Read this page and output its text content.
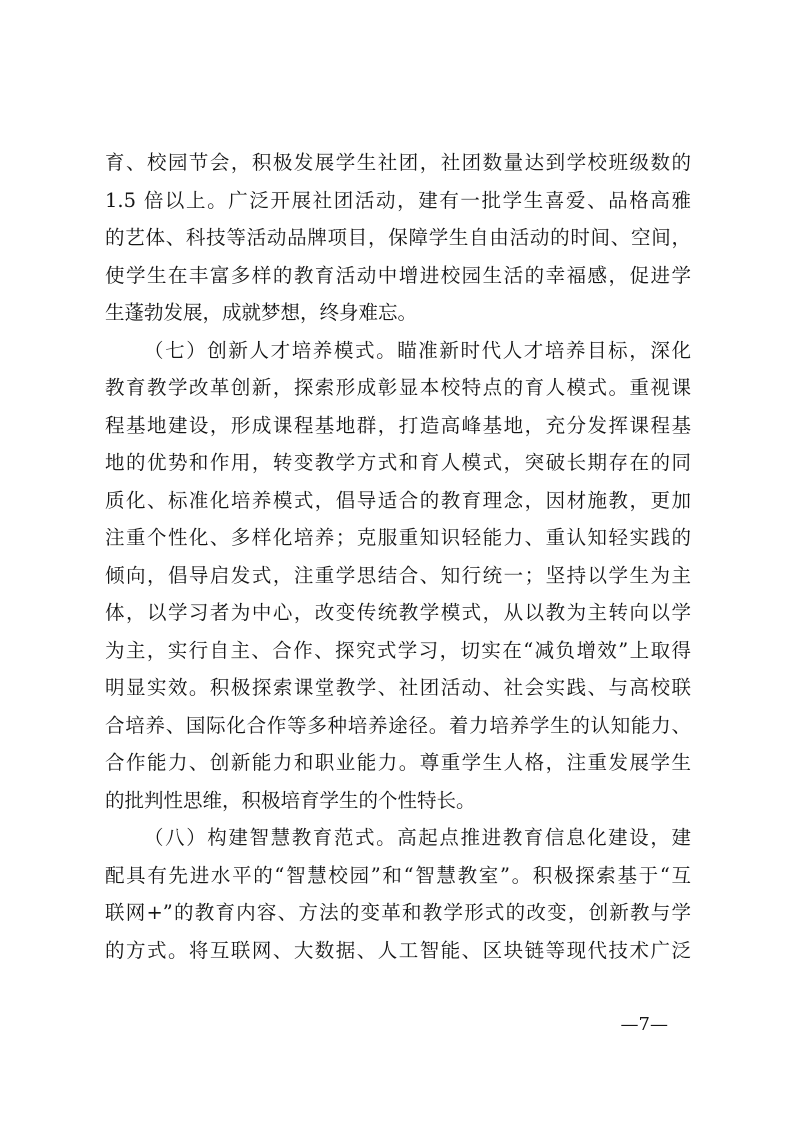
育、校园节会，积极发展学生社团，社团数量达到学校班级数的
1.5 倍以上。广泛开展社团活动，建有一批学生喜爱、品格高雅
的艺体、科技等活动品牌项目，保障学生自由活动的时间、空间，
使学生在丰富多样的教育活动中增进校园生活的幸福感，促进学
生蓬勃发展，成就梦想，终身难忘。
（七）创新人才培养模式。瞄准新时代人才培养目标，深化
教育教学改革创新，探索形成彰显本校特点的育人模式。重视课
程基地建设，形成课程基地群，打造高峰基地，充分发挥课程基
地的优势和作用，转变教学方式和育人模式，突破长期存在的同
质化、标准化培养模式，倡导适合的教育理念，因材施教，更加
注重个性化、多样化培养；克服重知识轻能力、重认知轻实践的
倾向，倡导启发式，注重学思结合、知行统一；坚持以学生为主
体，以学习者为中心，改变传统教学模式，从以教为主转向以学
为主，实行自主、合作、探究式学习，切实在“减负增效”上取得
明显实效。积极探索课堂教学、社团活动、社会实践、与高校联
合培养、国际化合作等多种培养途径。着力培养学生的认知能力、
合作能力、创新能力和职业能力。尊重学生人格，注重发展学生
的批判性思维，积极培育学生的个性特长。
（八）构建智慧教育范式。高起点推进教育信息化建设，建
配具有先进水平的“智慧校园”和“智慧教室”。积极探索基于“互
联网+”的教育内容、方法的变革和教学形式的改变，创新教与学
的方式。将互联网、大数据、人工智能、区块链等现代技术广泛
—7—
